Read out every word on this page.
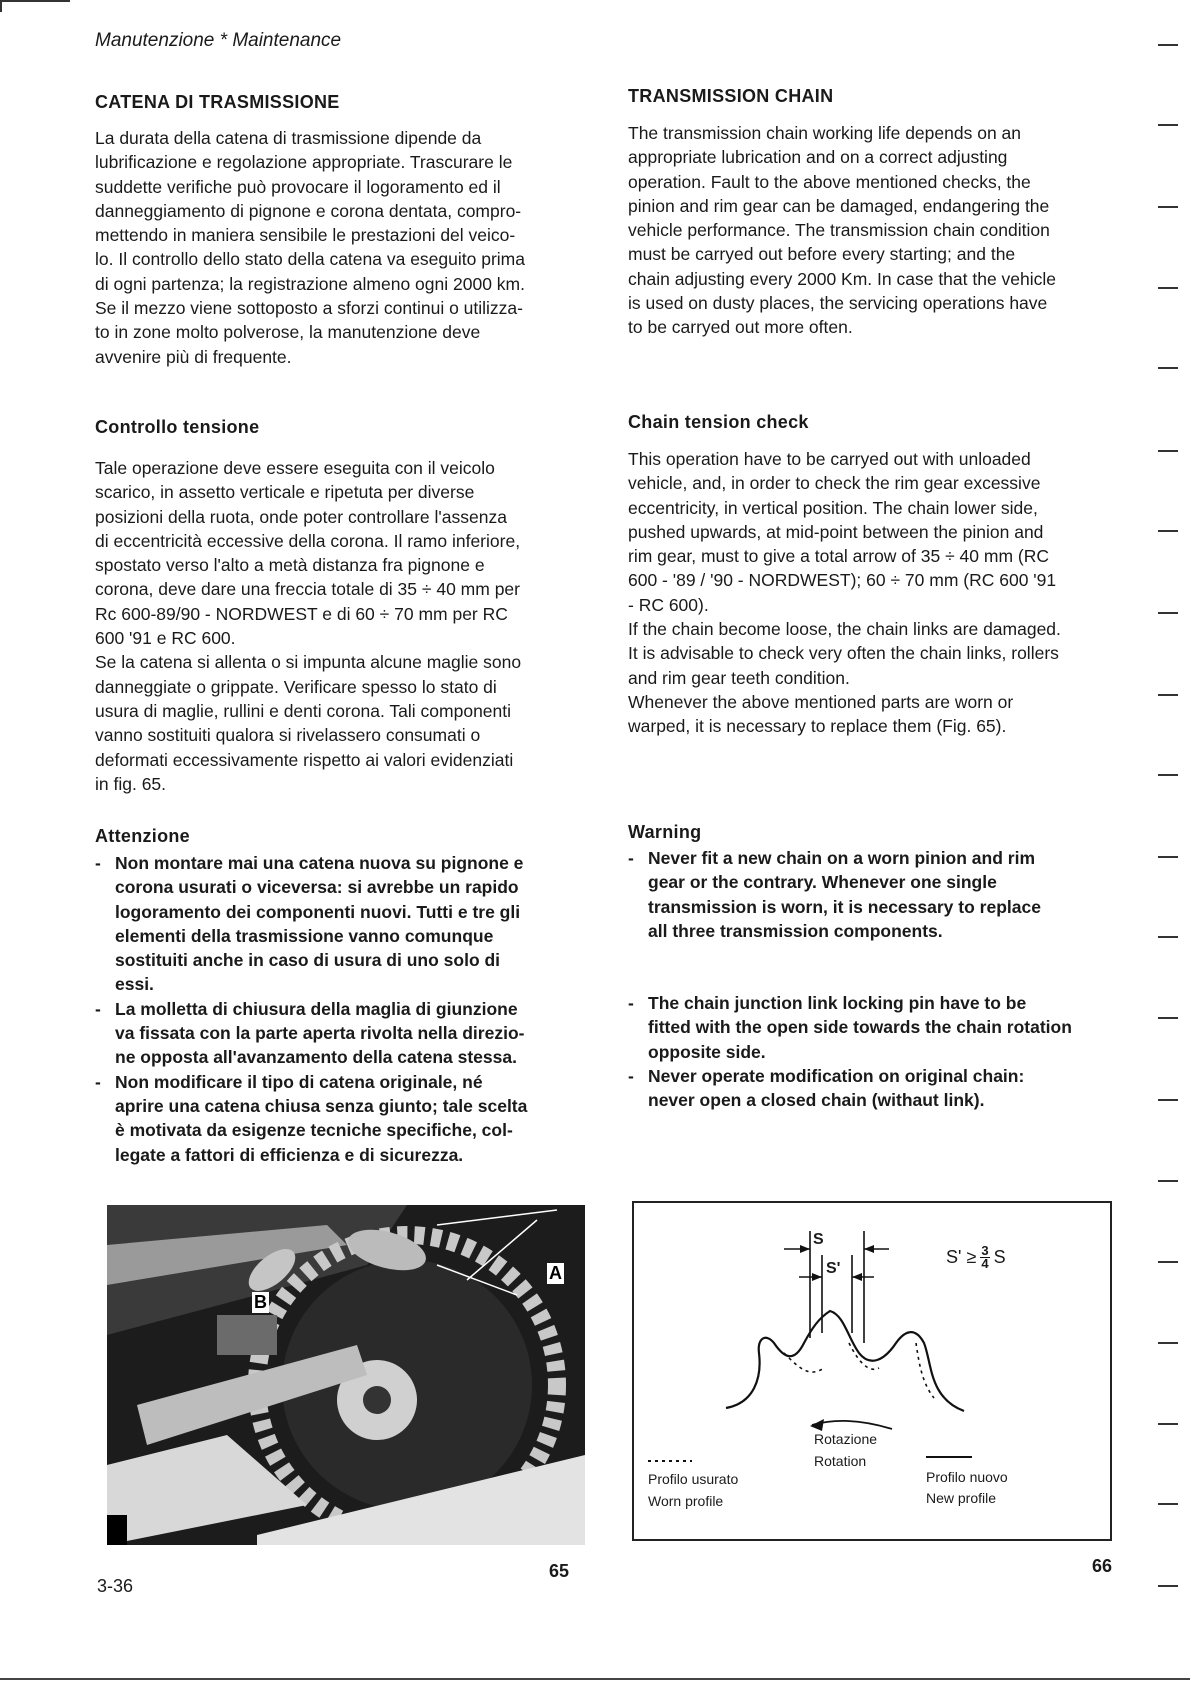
Manutenzione * Maintenance
CATENA DI TRASMISSIONE
La durata della catena di trasmissione dipende da
lubrificazione e regolazione appropriate. Trascurare le
suddette verifiche può provocare il logoramento ed il
danneggiamento di pignone e corona dentata, compro-
mettendo in maniera sensibile le prestazioni del veico-
lo. Il controllo dello stato della catena va eseguito prima
di ogni partenza; la registrazione almeno ogni 2000 km.
Se il mezzo viene sottoposto a sforzi continui o utilizza-
to in zone molto polverose, la manutenzione deve
avvenire più di frequente.
Controllo tensione
Tale operazione deve essere eseguita con il veicolo
scarico, in assetto verticale e ripetuta per diverse
posizioni della ruota, onde poter controllare l'assenza
di eccentricità eccessive della corona. Il ramo inferiore,
spostato verso l'alto a metà distanza fra pignone e
corona, deve dare una freccia totale di 35 ÷ 40 mm per
Rc 600-89/90 - NORDWEST e di 60 ÷ 70 mm per RC
600 '91 e RC 600.
Se la catena si allenta o si impunta alcune maglie sono
danneggiate o grippate. Verificare spesso lo stato di
usura di maglie, rullini e denti corona. Tali componenti
vanno sostituiti qualora si rivelassero consumati o
deformati eccessivamente rispetto ai valori evidenziati
in fig. 65.
Attenzione
- Non montare mai una catena nuova su pignone e
corona usurati o viceversa: si avrebbe un rapido
logoramento dei componenti nuovi. Tutti e tre gli
elementi della trasmissione vanno comunque
sostituiti anche in caso di usura di uno solo di
essi.
- La molletta di chiusura della maglia di giunzione
va fissata con la parte aperta rivolta nella direzio-
ne opposta all'avanzamento della catena stessa.
- Non modificare il tipo di catena originale, né
aprire una catena chiusa senza giunto; tale scelta
è motivata da esigenze tecniche specifiche, col-
legate a fattori di efficienza e di sicurezza.
TRANSMISSION CHAIN
The transmission chain working life depends on an
appropriate lubrication and on a correct adjusting
operation. Fault to the above mentioned checks, the
pinion and rim gear can be damaged, endangering the
vehicle performance. The transmission chain condition
must be carryed out before every starting; and the
chain adjusting every 2000 Km. In case that the vehicle
is used on dusty places, the servicing operations have
to be carryed out more often.
Chain tension check
This operation have to be carryed out with unloaded
vehicle, and, in order to check the rim gear excessive
eccentricity, in vertical position. The chain lower side,
pushed upwards, at mid-point between the pinion and
rim gear, must to give a total arrow of 35 ÷ 40 mm (RC
600 - '89 / '90 - NORDWEST); 60 ÷ 70 mm (RC 600 '91
- RC 600).
If the chain become loose, the chain links are damaged.
It is advisable to check very often the chain links, rollers
and rim gear teeth condition.
Whenever the above mentioned parts are worn or
warped, it is necessary to replace them (Fig. 65).
Warning
- Never fit a new chain on a worn pinion and rim
gear or the contrary. Whenever one single
transmission is worn, it is necessary to replace
all three transmission components.
- The chain junction link locking pin have to be
fitted with the open side towards the chain rotation
opposite side.
- Never operate modification on original chain:
never open a closed chain (withaut link).
A
B
65
S
S'
$S' \ge \frac{3}{4}$ S
Rotazione
Rotation
Profilo usurato
Worn profile
Profilo nuovo
New profile
66
3-36
